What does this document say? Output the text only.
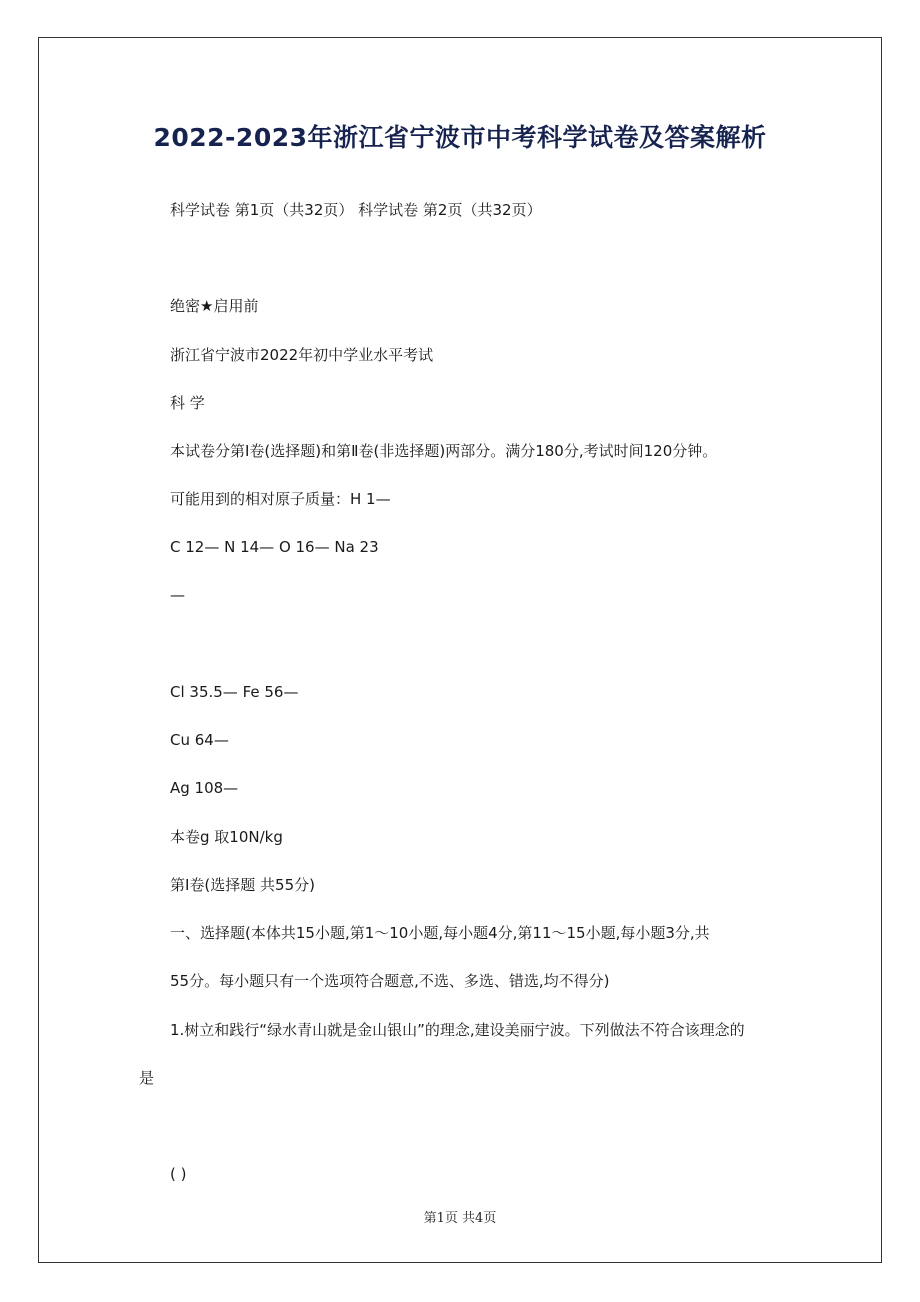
2022-2023年浙江省宁波市中考科学试卷及答案解析
科学试卷 第1页（共32页） 科学试卷 第2页（共32页）
绝密★启用前
浙江省宁波市2022年初中学业水平考试
科 学
本试卷分第Ⅰ卷(选择题)和第Ⅱ卷(非选择题)两部分。满分180分,考试时间120分钟。
可能用到的相对原子质量：H 1—
C 12— N 14— O 16— Na 23
—
Cl 35.5— Fe 56—
Cu 64—
Ag 108—
本卷g 取10N/kg
第Ⅰ卷(选择题 共55分)
一、选择题(本体共15小题,第1～10小题,每小题4分,第11～15小题,每小题3分,共
55分。每小题只有一个选项符合题意,不选、多选、错选,均不得分)
1.树立和践行“绿水青山就是金山银山”的理念,建设美丽宁波。下列做法不符合该理念的
是
( )
第1页 共4页
